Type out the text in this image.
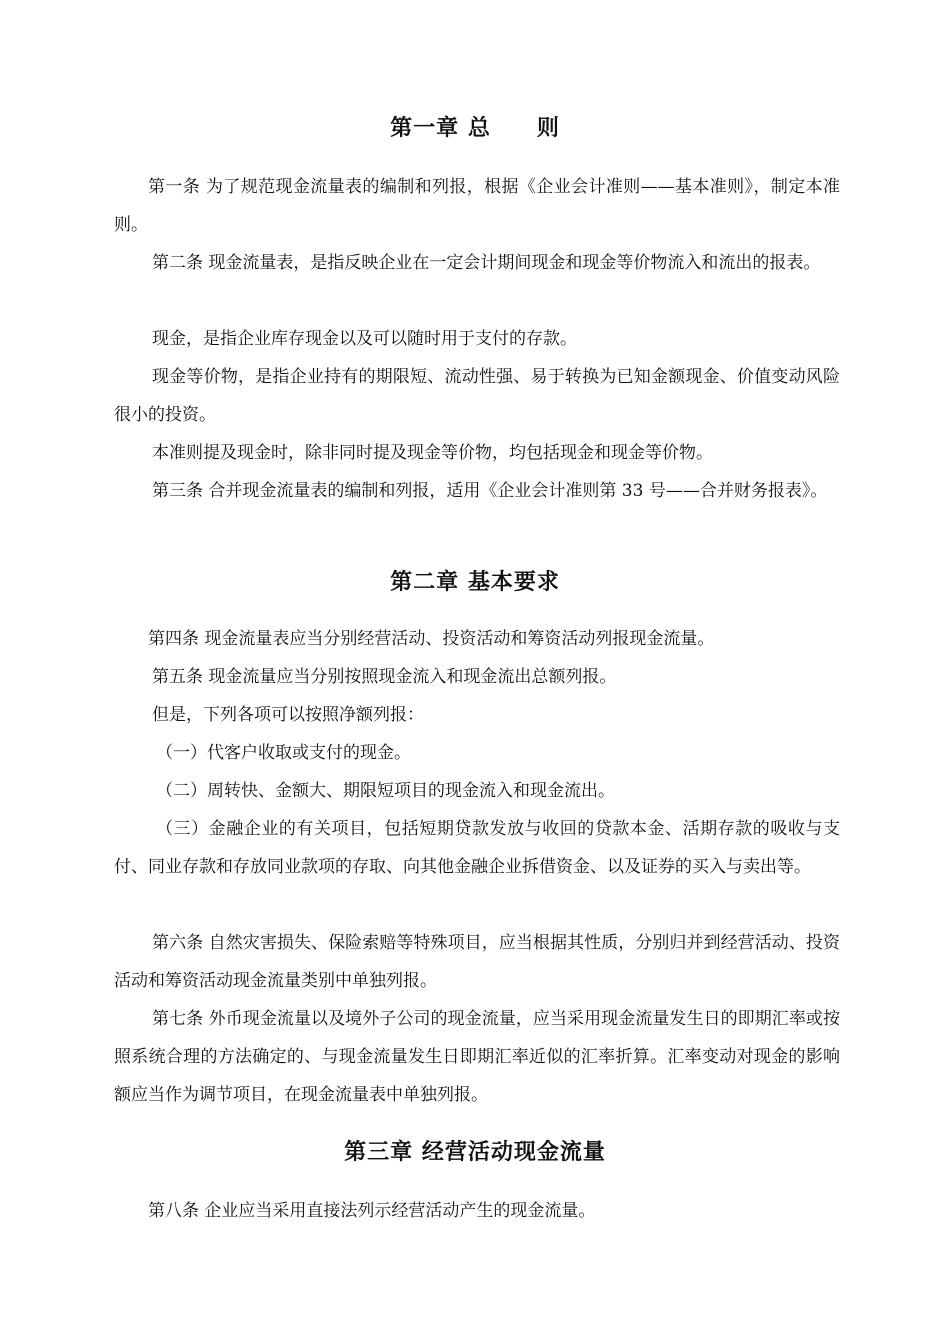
第一章 总　　则
第一条 为了规范现金流量表的编制和列报，根据《企业会计准则——基本准则》，制定本准则。
第二条 现金流量表，是指反映企业在一定会计期间现金和现金等价物流入和流出的报表。
现金，是指企业库存现金以及可以随时用于支付的存款。
现金等价物，是指企业持有的期限短、流动性强、易于转换为已知金额现金、价值变动风险很小的投资。
本准则提及现金时，除非同时提及现金等价物，均包括现金和现金等价物。
第三条 合并现金流量表的编制和列报，适用《企业会计准则第 33 号——合并财务报表》。
第二章 基本要求
第四条 现金流量表应当分别经营活动、投资活动和筹资活动列报现金流量。
第五条 现金流量应当分别按照现金流入和现金流出总额列报。
但是，下列各项可以按照净额列报：
（一）代客户收取或支付的现金。
（二）周转快、金额大、期限短项目的现金流入和现金流出。
（三）金融企业的有关项目，包括短期贷款发放与收回的贷款本金、活期存款的吸收与支付、同业存款和存放同业款项的存取、向其他金融企业拆借资金、以及证券的买入与卖出等。
第六条 自然灾害损失、保险索赔等特殊项目，应当根据其性质，分别归并到经营活动、投资活动和筹资活动现金流量类别中单独列报。
第七条 外币现金流量以及境外子公司的现金流量，应当采用现金流量发生日的即期汇率或按照系统合理的方法确定的、与现金流量发生日即期汇率近似的汇率折算。汇率变动对现金的影响额应当作为调节项目，在现金流量表中单独列报。
第三章 经营活动现金流量
第八条 企业应当采用直接法列示经营活动产生的现金流量。
